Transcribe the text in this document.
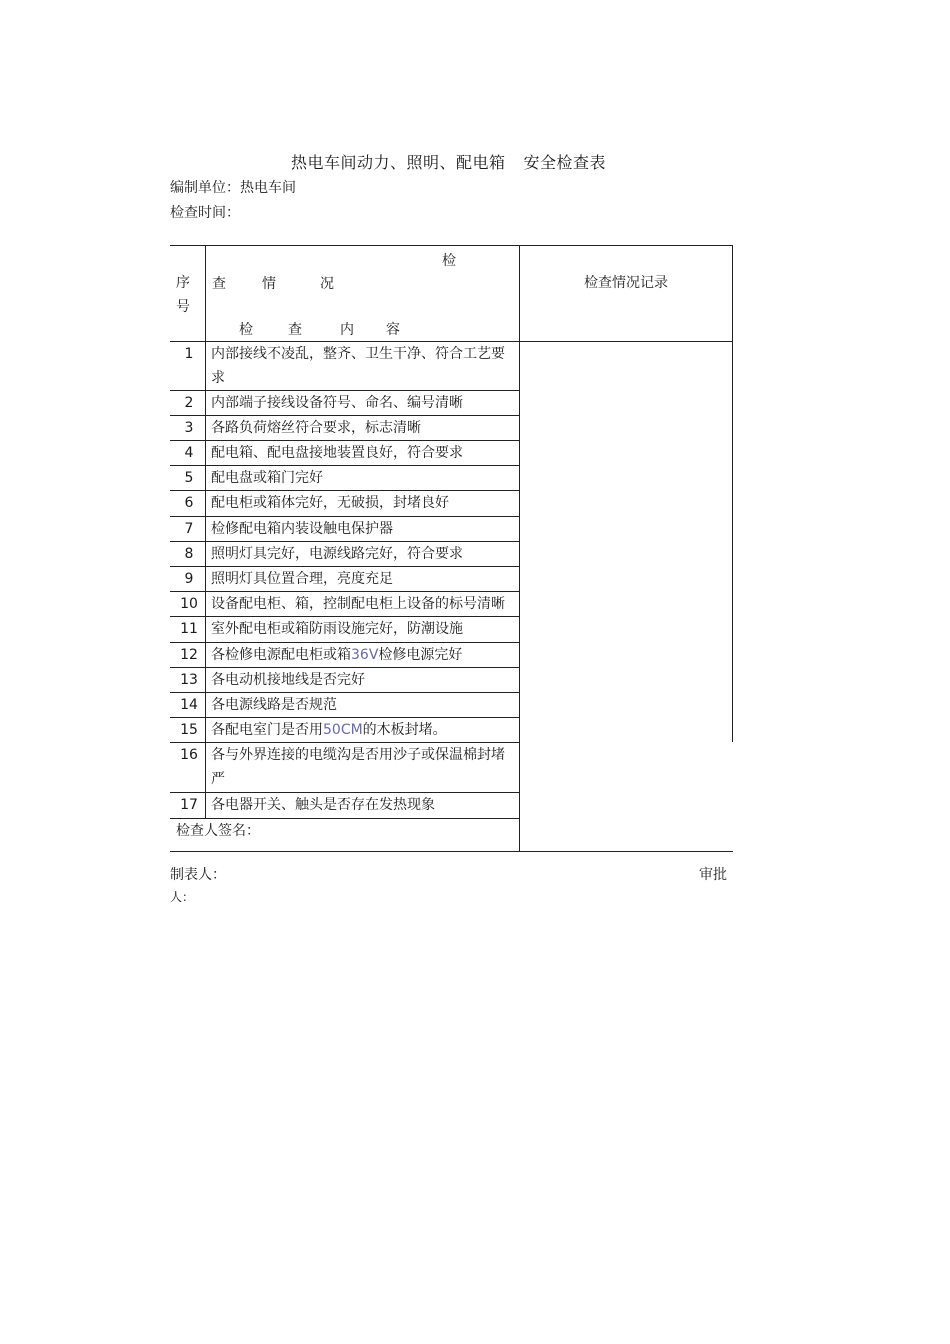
热电车间动力、照明、配电箱 安全检查表
编制单位：热电车间
检查时间：
序
号
检
查	情	况
检	查	内 容
检查情况记录
1	内部接线不凌乱，整齐、卫生干净、符合工艺要
求
2	内部端子接线设备符号、命名、编号清晰
3	各路负荷熔丝符合要求，标志清晰
4	配电箱、配电盘接地装置良好，符合要求
5	配电盘或箱门完好
6	配电柜或箱体完好，无破损，封堵良好
7	检修配电箱内装设触电保护器
8	照明灯具完好，电源线路完好，符合要求
9	照明灯具位置合理，亮度充足
10 设备配电柜、箱，控制配电柜上设备的标号清晰
11 室外配电柜或箱防雨设施完好，防潮设施
12 各检修电源配电柜或箱36V检修电源完好
13 各电动机接地线是否完好
14 各电源线路是否规范
15 各配电室门是否用50CM的木板封堵。
16 各与外界连接的电缆沟是否用沙子或保温棉封堵
严
17 各电器开关、触头是否存在发热现象
检查人签名：
制表人：	审批
人：
